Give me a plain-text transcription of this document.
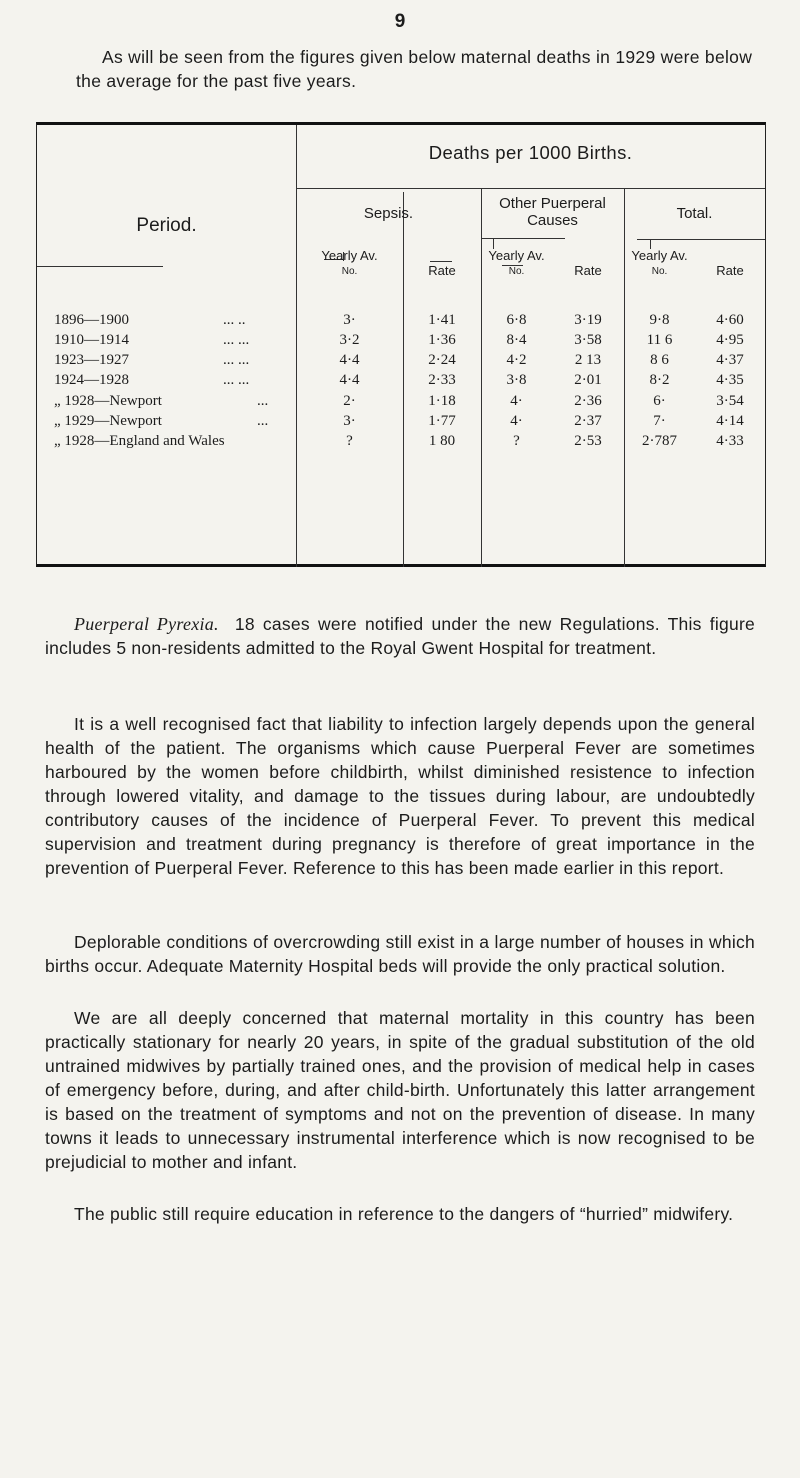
9

As will be seen from the figures given below maternal deaths in 1929 were below the average for the past five years.

Deaths per 1000 Births.
Period.
Sepsis.
Other Puerperal Causes	Total.
Yearly Av.
No.	Rate
Yearly Av.
No.	Rate
Yearly Av.
No.	Rate
1896—1900	... ..	3·	1·41	6·8	3·19	9·8	4·60
1910—1914	... ...	3·2	1·36	8·4	3·58	11 6	4·95
1923—1927	... ...	4·4	2·24	4·2	2 13	8 6	4·37
1924—1928	... ...	4·4	2·33	3·8	2·01	8·2	4·35
„ 1928—Newport	...	2·	1·18	4·	2·36	6·	3·54
„ 1929—Newport	...	3·	1·77	4·	2·37	7·	4·14
„ 1928—England and Wales	?	1 80	?	2·53	2·787	4·33

Puerperal Pyrexia. 18 cases were notified under the new Regulations. This figure includes 5 non-residents admitted to the Royal Gwent Hospital for treatment.

It is a well recognised fact that liability to infection largely depends upon the general health of the patient. The organisms which cause Puerperal Fever are sometimes harboured by the women before childbirth, whilst diminished resistence to infection through lowered vitality, and damage to the tissues during labour, are undoubtedly contributory causes of the incidence of Puerperal Fever. To prevent this medical supervision and treatment during pregnancy is therefore of great importance in the prevention of Puerperal Fever. Reference to this has been made earlier in this report.

Deplorable conditions of overcrowding still exist in a large number of houses in which births occur. Adequate Maternity Hospital beds will provide the only practical solution.

We are all deeply concerned that maternal mortality in this country has been practically stationary for nearly 20 years, in spite of the gradual substitution of the old untrained midwives by partially trained ones, and the provision of medical help in cases of emergency before, during, and after child-birth. Unfortunately this latter arrangement is based on the treatment of symptoms and not on the prevention of disease. In many towns it leads to unnecessary instrumental interference which is now recognised to be prejudicial to mother and infant.

The public still require education in reference to the dangers of “hurried” midwifery.
